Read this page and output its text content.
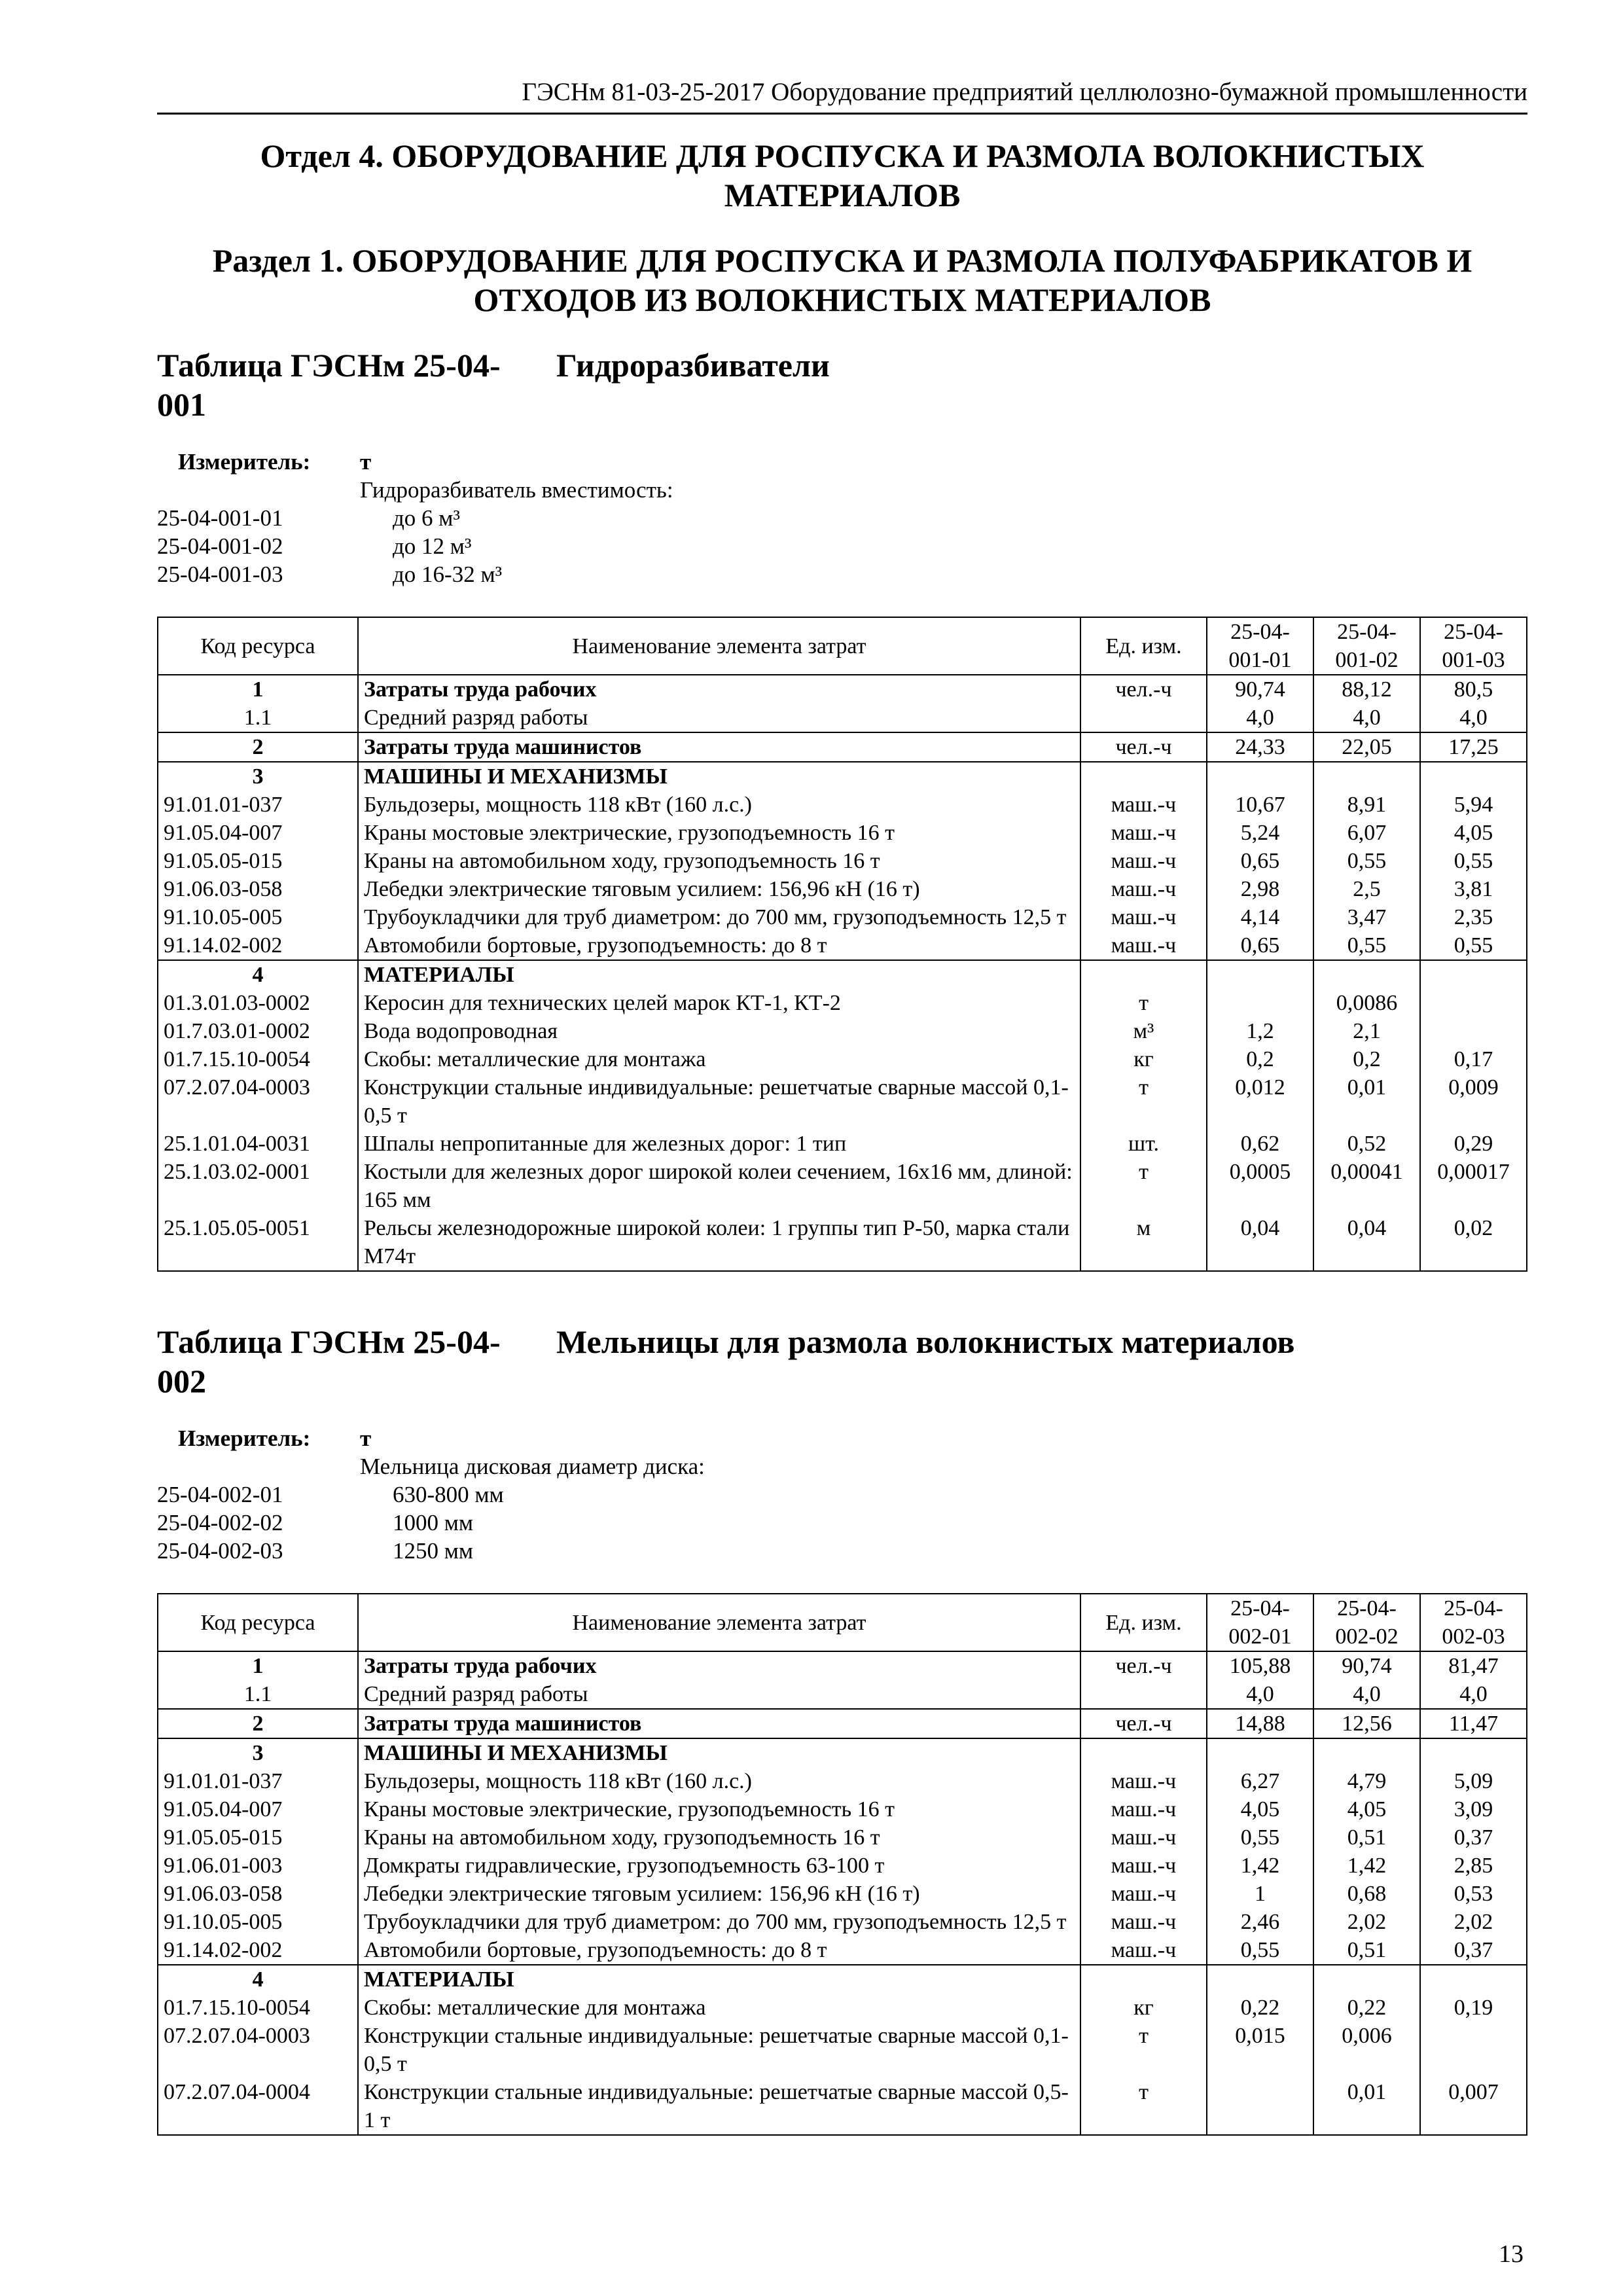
ГЭСНм 81-03-25-2017 Оборудование предприятий целлюлозно-бумажной промышленности
Отдел 4. ОБОРУДОВАНИЕ ДЛЯ РОСПУСКА И РАЗМОЛА ВОЛОКНИСТЫХ МАТЕРИАЛОВ
Раздел 1. ОБОРУДОВАНИЕ ДЛЯ РОСПУСКА И РАЗМОЛА ПОЛУФАБРИКАТОВ И ОТХОДОВ ИЗ ВОЛОКНИСТЫХ МАТЕРИАЛОВ
Таблица ГЭСНм 25-04-
001Гидроразбиватели
Измеритель:	т
Гидроразбиватель вместимость:
25-04-001-01	до 6 м³
25-04-001-02	до 12 м³
25-04-001-03	до 16-32 м³
Код ресурса	Наименование элемента затрат	Ед. изм.	25-04-001-01	25-04-001-02	25-04-001-03
1	Затраты труда рабочих	чел.-ч	90,74	88,12	80,5
1.1	Средний разряд работы		4,0	4,0	4,0
2	Затраты труда машинистов	чел.-ч	24,33	22,05	17,25
3	МАШИНЫ И МЕХАНИЗМЫ				
91.01.01-037	Бульдозеры, мощность 118 кВт (160 л.с.)	маш.-ч	10,67	8,91	5,94
91.05.04-007	Краны мостовые электрические, грузоподъемность 16 т	маш.-ч	5,24	6,07	4,05
91.05.05-015	Краны на автомобильном ходу, грузоподъемность 16 т	маш.-ч	0,65	0,55	0,55
91.06.03-058	Лебедки электрические тяговым усилием: 156,96 кН (16 т)	маш.-ч	2,98	2,5	3,81
91.10.05-005	Трубоукладчики для труб диаметром: до 700 мм, грузоподъемность 12,5 т	маш.-ч	4,14	3,47	2,35
91.14.02-002	Автомобили бортовые, грузоподъемность: до 8 т	маш.-ч	0,65	0,55	0,55
4	МАТЕРИАЛЫ				
01.3.01.03-0002	Керосин для технических целей марок КТ-1, КТ-2	т		0,0086	
01.7.03.01-0002	Вода водопроводная	м³	1,2	2,1	
01.7.15.10-0054	Скобы: металлические для монтажа	кг	0,2	0,2	0,17
07.2.07.04-0003	Конструкции стальные индивидуальные: решетчатые сварные массой 0,1-0,5 т	т	0,012	0,01	0,009
25.1.01.04-0031	Шпалы непропитанные для железных дорог: 1 тип	шт.	0,62	0,52	0,29
25.1.03.02-0001	Костыли для железных дорог широкой колеи сечением, 16х16 мм, длиной: 165 мм	т	0,0005	0,00041	0,00017
25.1.05.05-0051	Рельсы железнодорожные широкой колеи: 1 группы тип Р-50, марка стали М74т	м	0,04	0,04	0,02
Таблица ГЭСНм 25-04-
002Мельницы для размола волокнистых материалов
Измеритель:	т
Мельница дисковая диаметр диска:
25-04-002-01	630-800 мм
25-04-002-02	1000 мм
25-04-002-03	1250 мм
Код ресурса	Наименование элемента затрат	Ед. изм.	25-04-002-01	25-04-002-02	25-04-002-03
1	Затраты труда рабочих	чел.-ч	105,88	90,74	81,47
1.1	Средний разряд работы		4,0	4,0	4,0
2	Затраты труда машинистов	чел.-ч	14,88	12,56	11,47
3	МАШИНЫ И МЕХАНИЗМЫ				
91.01.01-037	Бульдозеры, мощность 118 кВт (160 л.с.)	маш.-ч	6,27	4,79	5,09
91.05.04-007	Краны мостовые электрические, грузоподъемность 16 т	маш.-ч	4,05	4,05	3,09
91.05.05-015	Краны на автомобильном ходу, грузоподъемность 16 т	маш.-ч	0,55	0,51	0,37
91.06.01-003	Домкраты гидравлические, грузоподъемность 63-100 т	маш.-ч	1,42	1,42	2,85
91.06.03-058	Лебедки электрические тяговым усилием: 156,96 кН (16 т)	маш.-ч	1	0,68	0,53
91.10.05-005	Трубоукладчики для труб диаметром: до 700 мм, грузоподъемность 12,5 т	маш.-ч	2,46	2,02	2,02
91.14.02-002	Автомобили бортовые, грузоподъемность: до 8 т	маш.-ч	0,55	0,51	0,37
4	МАТЕРИАЛЫ				
01.7.15.10-0054	Скобы: металлические для монтажа	кг	0,22	0,22	0,19
07.2.07.04-0003	Конструкции стальные индивидуальные: решетчатые сварные массой 0,1-0,5 т	т	0,015	0,006	
07.2.07.04-0004	Конструкции стальные индивидуальные: решетчатые сварные массой 0,5-1 т	т		0,01	0,007
13
